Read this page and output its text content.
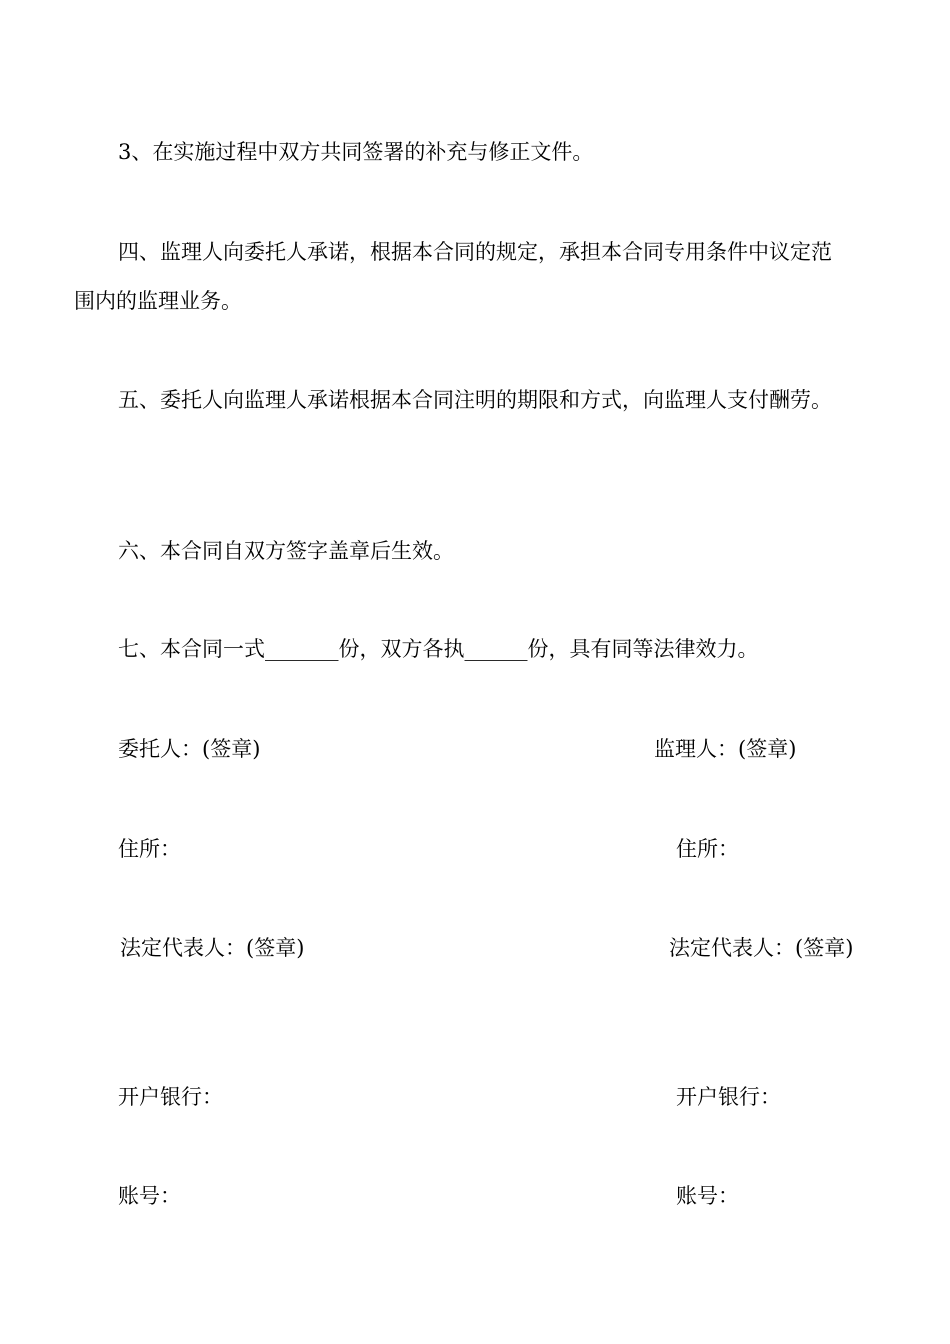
3、在实施过程中双方共同签署的补充与修正文件。
四、监理人向委托人承诺，根据本合同的规定，承担本合同专用条件中议定范
围内的监理业务。
五、委托人向监理人承诺根据本合同注明的期限和方式，向监理人支付酬劳。
六、本合同自双方签字盖章后生效。
七、本合同一式_______份，双方各执______份，具有同等法律效力。
委托人：(签章)	监理人：(签章)
住所：	住所：
法定代表人：(签章)	法定代表人：(签章)
开户银行：	开户银行：
账号：	账号：
